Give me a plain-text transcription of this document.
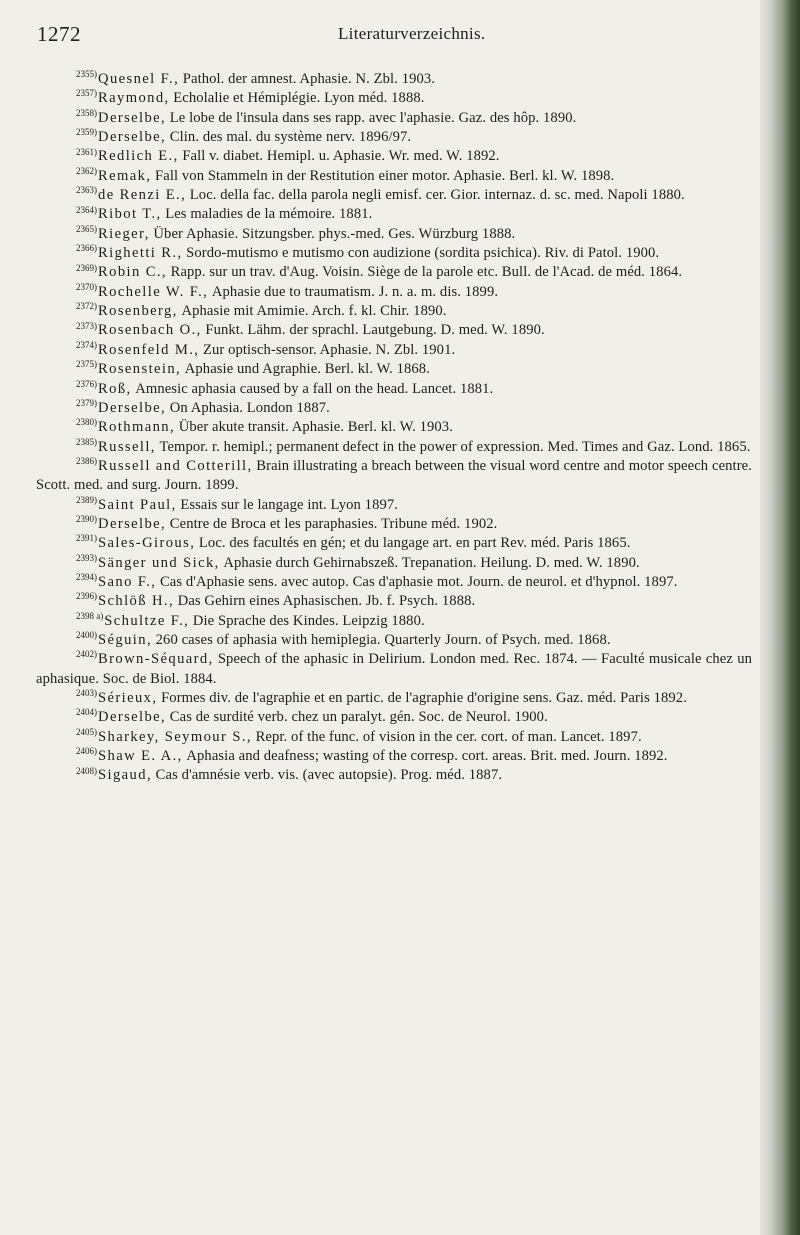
1272	Literaturverzeichnis.

$^{2355)}$Quesnel F., Pathol. der amnest. Aphasie. N. Zbl. 1903.

$^{2357)}$Raymond, Echolalie et Hémiplégie. Lyon méd. 1888.

$^{2358)}$Derselbe, Le lobe de l'insula dans ses rapp. avec l'aphasie. Gaz. des hôp. 1890.

$^{2359)}$Derselbe, Clin. des mal. du système nerv. 1896/97.

$^{2361)}$Redlich E., Fall v. diabet. Hemipl. u. Aphasie. Wr. med. W. 1892.

$^{2362)}$Remak, Fall von Stammeln in der Restitution einer motor. Aphasie. Berl. kl. W. 1898.

$^{2363)}$de Renzi E., Loc. della fac. della parola negli emisf. cer. Gior. internaz. d. sc. med. Napoli 1880.

$^{2364)}$Ribot T., Les maladies de la mémoire. 1881.

$^{2365)}$Rieger, Über Aphasie. Sitzungsber. phys.-med. Ges. Würzburg 1888.

$^{2366)}$Righetti R., Sordo-mutismo e mutismo con audizione (sordita psichica). Riv. di Patol. 1900.

$^{2369)}$Robin C., Rapp. sur un trav. d'Aug. Voisin. Siège de la parole etc. Bull. de l'Acad. de méd. 1864.

$^{2370)}$Rochelle W. F., Aphasie due to traumatism. J. n. a. m. dis. 1899.

$^{2372)}$Rosenberg, Aphasie mit Amimie. Arch. f. kl. Chir. 1890.

$^{2373)}$Rosenbach O., Funkt. Lähm. der sprachl. Lautgebung. D. med. W. 1890.

$^{2374)}$Rosenfeld M., Zur optisch-sensor. Aphasie. N. Zbl. 1901.

$^{2375)}$Rosenstein, Aphasie und Agraphie. Berl. kl. W. 1868.

$^{2376)}$Roß, Amnesic aphasia caused by a fall on the head. Lancet. 1881.

$^{2379)}$Derselbe, On Aphasia. London 1887.

$^{2380)}$Rothmann, Über akute transit. Aphasie. Berl. kl. W. 1903.

$^{2385)}$Russell, Tempor. r. hemipl.; permanent defect in the power of expression. Med. Times and Gaz. Lond. 1865.

$^{2386)}$Russell and Cotterill, Brain illustrating a breach between the visual word centre and motor speech centre. Scott. med. and surg. Journ. 1899.

$^{2389)}$Saint Paul, Essais sur le langage int. Lyon 1897.

$^{2390)}$Derselbe, Centre de Broca et les paraphasies. Tribune méd. 1902.

$^{2391)}$Sales-Girous, Loc. des facultés en gén; et du langage art. en part Rev. méd. Paris 1865.

$^{2393)}$Sänger und Sick, Aphasie durch Gehirnabszeß. Trepanation. Heilung. D. med. W. 1890.

$^{2394)}$Sano F., Cas d'Aphasie sens. avec autop. Cas d'aphasie mot. Journ. de neurol. et d'hypnol. 1897.

$^{2396)}$Schlöß H., Das Gehirn eines Aphasischen. Jb. f. Psych. 1888.

$^{2398 a)}$Schultze F., Die Sprache des Kindes. Leipzig 1880.

$^{2400)}$Séguin, 260 cases of aphasia with hemiplegia. Quarterly Journ. of Psych. med. 1868.

$^{2402)}$Brown-Séquard, Speech of the aphasic in Delirium. London med. Rec. 1874. — Faculté musicale chez un aphasique. Soc. de Biol. 1884.

$^{2403)}$Sérieux, Formes div. de l'agraphie et en partic. de l'agraphie d'origine sens. Gaz. méd. Paris 1892.

$^{2404)}$Derselbe, Cas de surdité verb. chez un paralyt. gén. Soc. de Neurol. 1900.

$^{2405)}$Sharkey, Seymour S., Repr. of the func. of vision in the cer. cort. of man. Lancet. 1897.

$^{2406)}$Shaw E. A., Aphasia and deafness; wasting of the corresp. cort. areas. Brit. med. Journ. 1892.

$^{2408)}$Sigaud, Cas d'amnésie verb. vis. (avec autopsie). Prog. méd. 1887.
